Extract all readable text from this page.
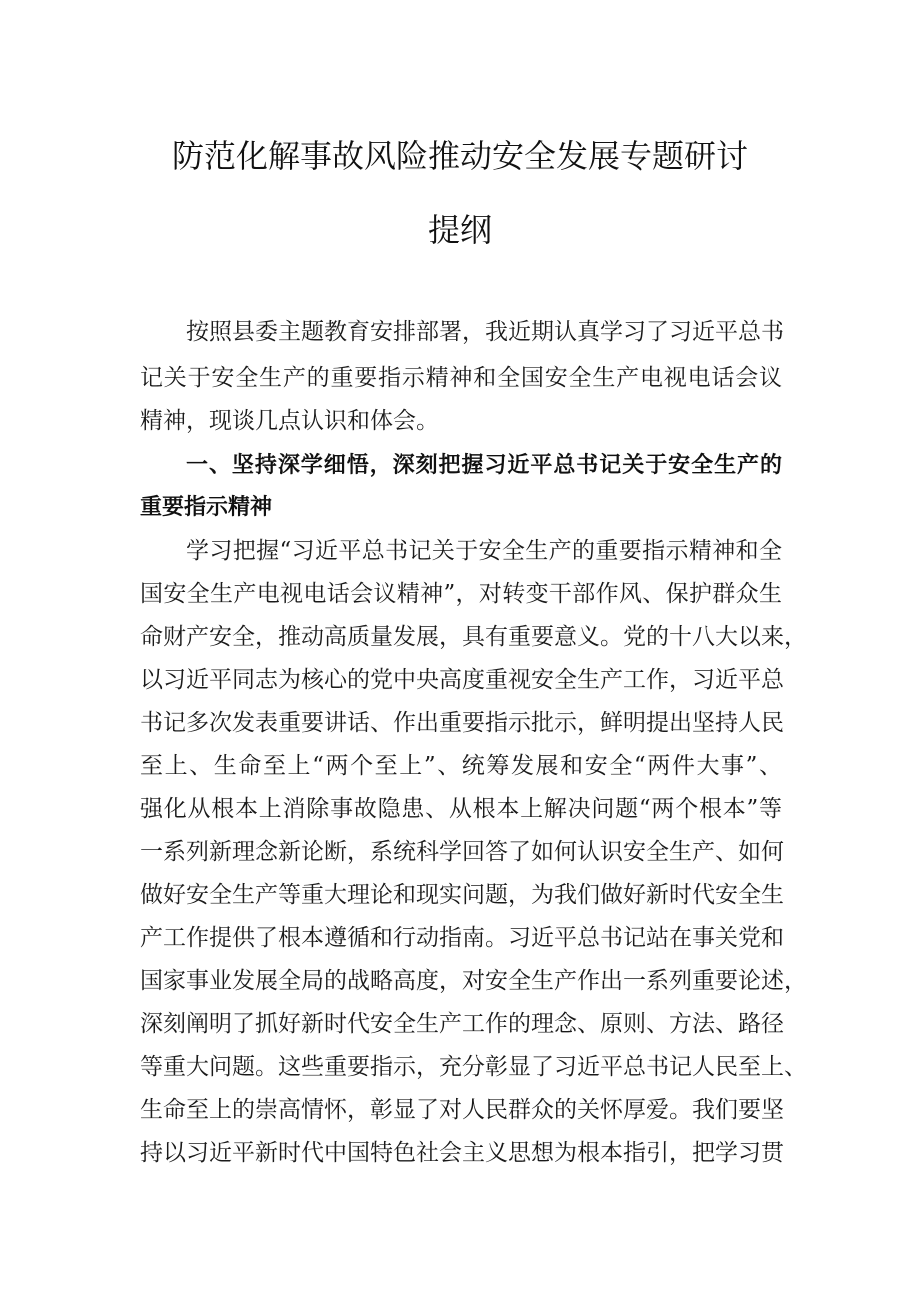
防范化解事故风险推动安全发展专题研讨
提纲
按照县委主题教育安排部署，我近期认真学习了习近平总书
记关于安全生产的重要指示精神和全国安全生产电视电话会议
精神，现谈几点认识和体会。
一、坚持深学细悟，深刻把握习近平总书记关于安全生产的
重要指示精神
学习把握“习近平总书记关于安全生产的重要指示精神和全
国安全生产电视电话会议精神”，对转变干部作风、保护群众生
命财产安全，推动高质量发展，具有重要意义。党的十八大以来，
以习近平同志为核心的党中央高度重视安全生产工作，习近平总
书记多次发表重要讲话、作出重要指示批示，鲜明提出坚持人民
至上、生命至上“两个至上”、统筹发展和安全“两件大事”、
强化从根本上消除事故隐患、从根本上解决问题“两个根本”等
一系列新理念新论断，系统科学回答了如何认识安全生产、如何
做好安全生产等重大理论和现实问题，为我们做好新时代安全生
产工作提供了根本遵循和行动指南。习近平总书记站在事关党和
国家事业发展全局的战略高度，对安全生产作出一系列重要论述，
深刻阐明了抓好新时代安全生产工作的理念、原则、方法、路径
等重大问题。这些重要指示，充分彰显了习近平总书记人民至上、
生命至上的崇高情怀，彰显了对人民群众的关怀厚爱。我们要坚
持以习近平新时代中国特色社会主义思想为根本指引，把学习贯
